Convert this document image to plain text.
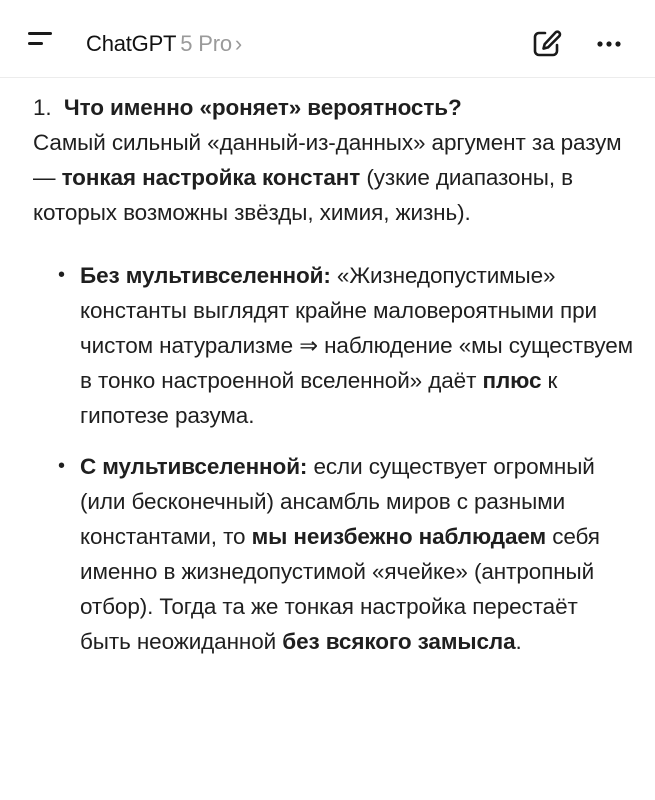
ChatGPT 5 Pro ›

1. Что именно «роняет» вероятность?
Самый сильный «данный-из-данных» аргумент за разум — тонкая настройка констант (узкие диапазоны, в которых возможны звёзды, химия, жизнь).

• Без мультивселенной: «Жизнедопустимые» константы выглядят крайне маловероятными при чистом натурализме ⇒ наблюдение «мы существуем в тонко настроенной вселенной» даёт плюс к гипотезе разума.
• С мультивселенной: если существует огромный (или бесконечный) ансамбль миров с разными константами, то мы неизбежно наблюдаем себя именно в жизнедопустимой «ячейке» (антропный отбор). Тогда та же тонкая настройка перестаёт быть неожиданной без всякого замысла.
